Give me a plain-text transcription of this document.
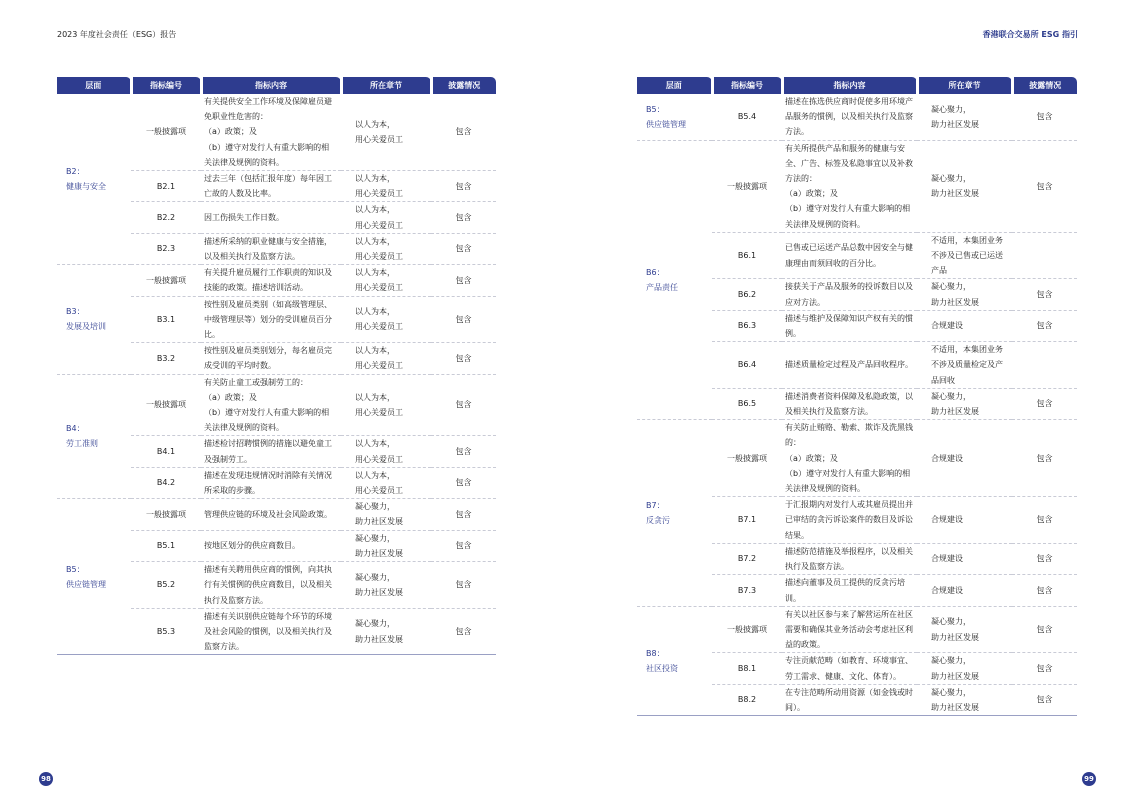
2023 年度社会责任（ESG）报告	香港联合交易所 ESG 指引
层面	指标编号	指标内容	所在章节	披露情况
B2：
健康与安全	一般披露项	有关提供安全工作环境及保障雇员避免职业性危害的：
（a）政策；及
（b）遵守对发行人有重大影响的相关法律及规例的资料。	以人为本，
用心关爱员工	包含
	B2.1	过去三年（包括汇报年度）每年因工亡故的人数及比率。	以人为本，
用心关爱员工	包含
	B2.2	因工伤损失工作日数。	以人为本，
用心关爱员工	包含
	B2.3	描述所采纳的职业健康与安全措施，以及相关执行及监察方法。	以人为本，
用心关爱员工	包含
B3：
发展及培训	一般披露项	有关提升雇员履行工作职责的知识及技能的政策。描述培训活动。	以人为本，
用心关爱员工	包含
	B3.1	按性别及雇员类别（如高级管理层、中级管理层等）划分的受训雇员百分比。	以人为本，
用心关爱员工	包含
	B3.2	按性别及雇员类别划分，每名雇员完成受训的平均时数。	以人为本，
用心关爱员工	包含
B4：
劳工准则	一般披露项	有关防止童工或强制劳工的：
（a）政策；及
（b）遵守对发行人有重大影响的相关法律及规例的资料。	以人为本，
用心关爱员工	包含
	B4.1	描述检讨招聘惯例的措施以避免童工及强制劳工。	以人为本，
用心关爱员工	包含
	B4.2	描述在发现违规情况时消除有关情况所采取的步骤。	以人为本，
用心关爱员工	包含
B5：
供应链管理	一般披露项	管理供应链的环境及社会风险政策。	凝心聚力，
助力社区发展	包含
	B5.1	按地区划分的供应商数目。	凝心聚力，
助力社区发展	包含
	B5.2	描述有关聘用供应商的惯例，向其执行有关惯例的供应商数目，以及相关执行及监察方法。	凝心聚力，
助力社区发展	包含
	B5.3	描述有关识别供应链每个环节的环境及社会风险的惯例，以及相关执行及监察方法。	凝心聚力，
助力社区发展	包含
层面	指标编号	指标内容	所在章节	披露情况
B5：
供应链管理	B5.4	描述在拣选供应商时促使多用环境产品服务的惯例，以及相关执行及监察方法。	凝心聚力，
助力社区发展	包含
B6：
产品责任	一般披露项	有关所提供产品和服务的健康与安全、广告、标签及私隐事宜以及补救方法的：
（a）政策；及
（b）遵守对发行人有重大影响的相关法律及规例的资料。	凝心聚力，
助力社区发展	包含
	B6.1	已售或已运送产品总数中因安全与健康理由而须回收的百分比。	不适用，本集团业务不涉及已售或已运送产品	
	B6.2	接获关于产品及服务的投诉数目以及应对方法。	凝心聚力，
助力社区发展	包含
	B6.3	描述与维护及保障知识产权有关的惯例。	合规建设	包含
	B6.4	描述质量检定过程及产品回收程序。	不适用，本集团业务不涉及质量检定及产品回收	
	B6.5	描述消费者资料保障及私隐政策，以及相关执行及监察方法。	凝心聚力，
助力社区发展	包含
B7：
反贪污	一般披露项	有关防止贿赂、勒索、欺诈及洗黑钱的：
（a）政策；及
（b）遵守对发行人有重大影响的相关法律及规例的资料。	合规建设	包含
	B7.1	于汇报期内对发行人或其雇员提出并已审结的贪污诉讼案件的数目及诉讼结果。	合规建设	包含
	B7.2	描述防范措施及举报程序，以及相关执行及监察方法。	合规建设	包含
	B7.3	描述向董事及员工提供的反贪污培训。	合规建设	包含
B8：
社区投资	一般披露项	有关以社区参与来了解营运所在社区需要和确保其业务活动会考虑社区利益的政策。	凝心聚力，
助力社区发展	包含
	B8.1	专注贡献范畴（如教育、环境事宜、劳工需求、健康、文化、体育）。	凝心聚力，
助力社区发展	包含
	B8.2	在专注范畴所动用资源（如金钱或时间）。	凝心聚力，
助力社区发展	包含
98	99
